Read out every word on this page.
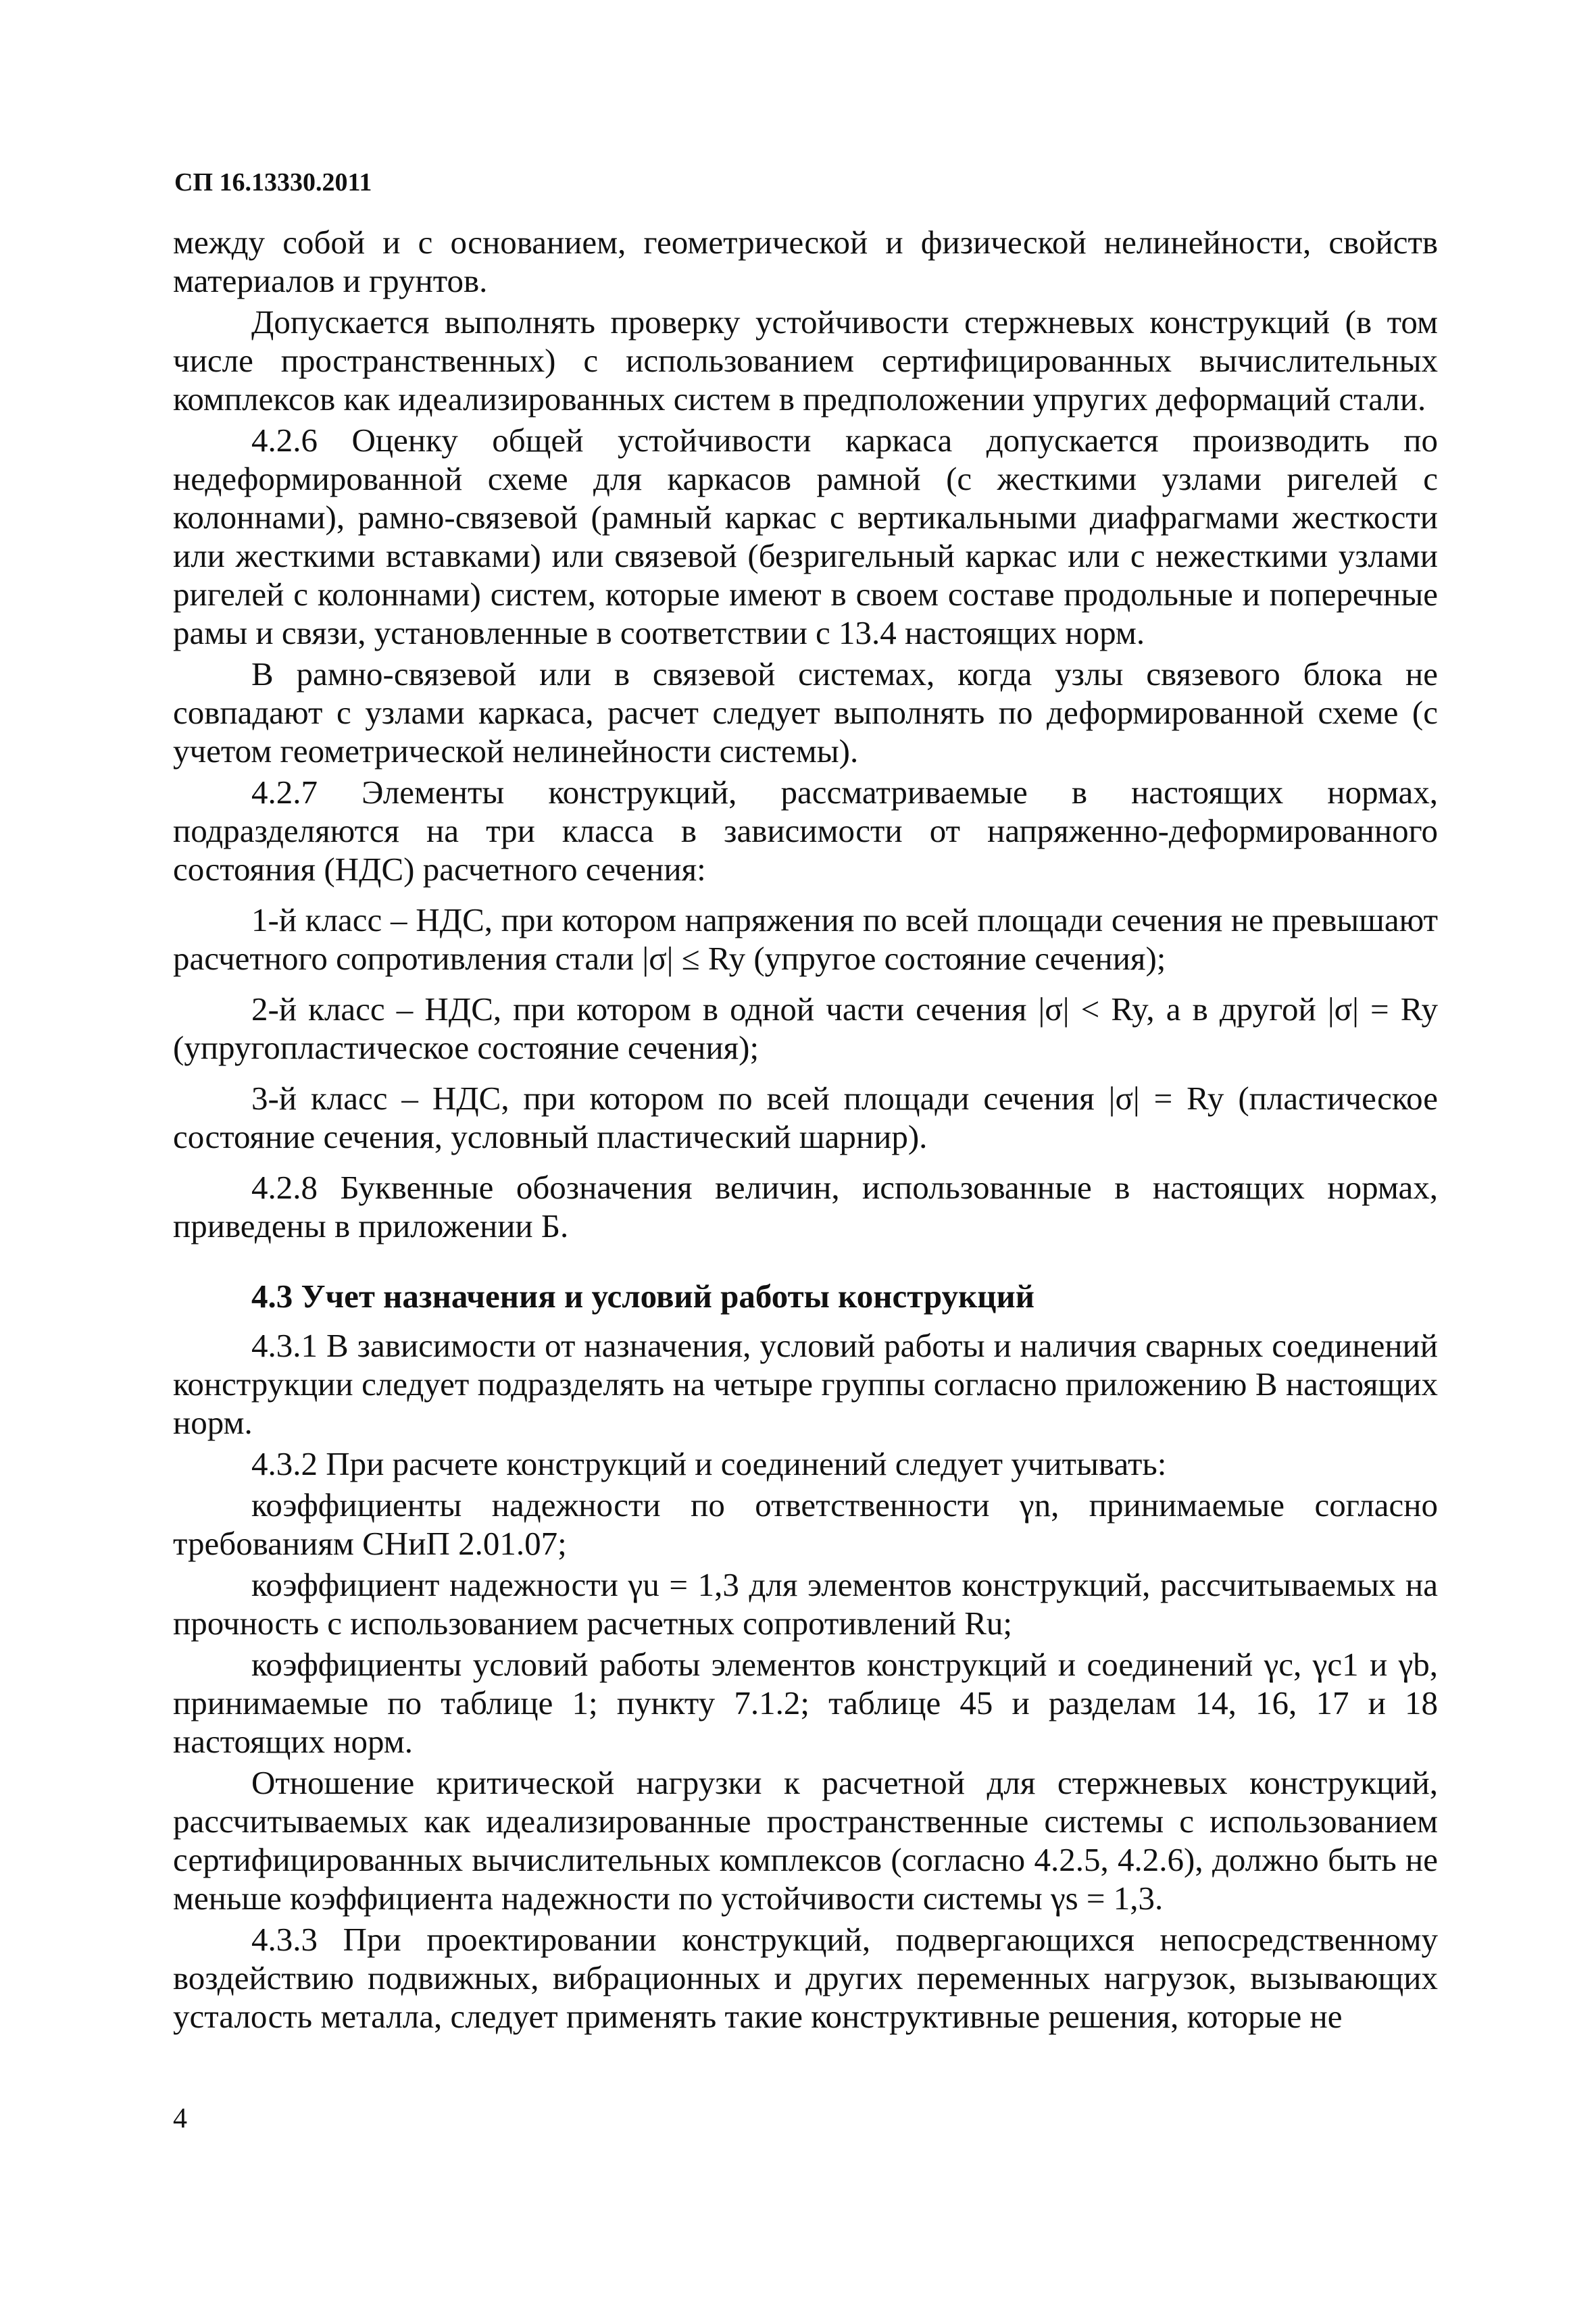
СП 16.13330.2011

между собой и с основанием, геометрической и физической нелинейности, свойств материалов и грунтов.

Допускается выполнять проверку устойчивости стержневых конструкций (в том числе пространственных) с использованием сертифицированных вычислительных комплексов как идеализированных систем в предположении упругих деформаций стали.

4.2.6 Оценку общей устойчивости каркаса допускается производить по недеформированной схеме для каркасов рамной (с жесткими узлами ригелей с колоннами), рамно-связевой (рамный каркас с вертикальными диафрагмами жесткости или жесткими вставками) или связевой (безригельный каркас или с нежесткими узлами ригелей с колоннами) систем, которые имеют в своем составе продольные и поперечные рамы и связи, установленные в соответствии с 13.4 настоящих норм.

В рамно-связевой или в связевой системах, когда узлы связевого блока не совпадают с узлами каркаса, расчет следует выполнять по деформированной схеме (с учетом геометрической нелинейности системы).

4.2.7 Элементы конструкций, рассматриваемые в настоящих нормах, подразделяются на три класса в зависимости от напряженно-деформированного состояния (НДС) расчетного сечения:

1-й класс – НДС, при котором напряжения по всей площади сечения не превышают расчетного сопротивления стали |σ| ≤ Ry (упругое состояние сечения);

2-й класс – НДС, при котором в одной части сечения |σ| < Ry, а в другой |σ| = Ry (упругопластическое состояние сечения);

3-й класс – НДС, при котором по всей площади сечения |σ| = Ry (пластическое состояние сечения, условный пластический шарнир).

4.2.8 Буквенные обозначения величин, использованные в настоящих нормах, приведены в приложении Б.

4.3 Учет назначения и условий работы конструкций

4.3.1 В зависимости от назначения, условий работы и наличия сварных соединений конструкции следует подразделять на четыре группы согласно приложению В настоящих норм.

4.3.2 При расчете конструкций и соединений следует учитывать:

коэффициенты надежности по ответственности γn, принимаемые согласно требованиям СНиП 2.01.07;

коэффициент надежности γu = 1,3 для элементов конструкций, рассчитываемых на прочность с использованием расчетных сопротивлений Ru;

коэффициенты условий работы элементов конструкций и соединений γc, γc1 и γb, принимаемые по таблице 1; пункту 7.1.2; таблице 45 и разделам 14, 16, 17 и 18 настоящих норм.

Отношение критической нагрузки к расчетной для стержневых конструкций, рассчитываемых как идеализированные пространственные системы с использованием сертифицированных вычислительных комплексов (согласно 4.2.5, 4.2.6), должно быть не меньше коэффициента надежности по устойчивости системы γs = 1,3.

4.3.3 При проектировании конструкций, подвергающихся непосредственному воздействию подвижных, вибрационных и других переменных нагрузок, вызывающих усталость металла, следует применять такие конструктивные решения, которые не

4
